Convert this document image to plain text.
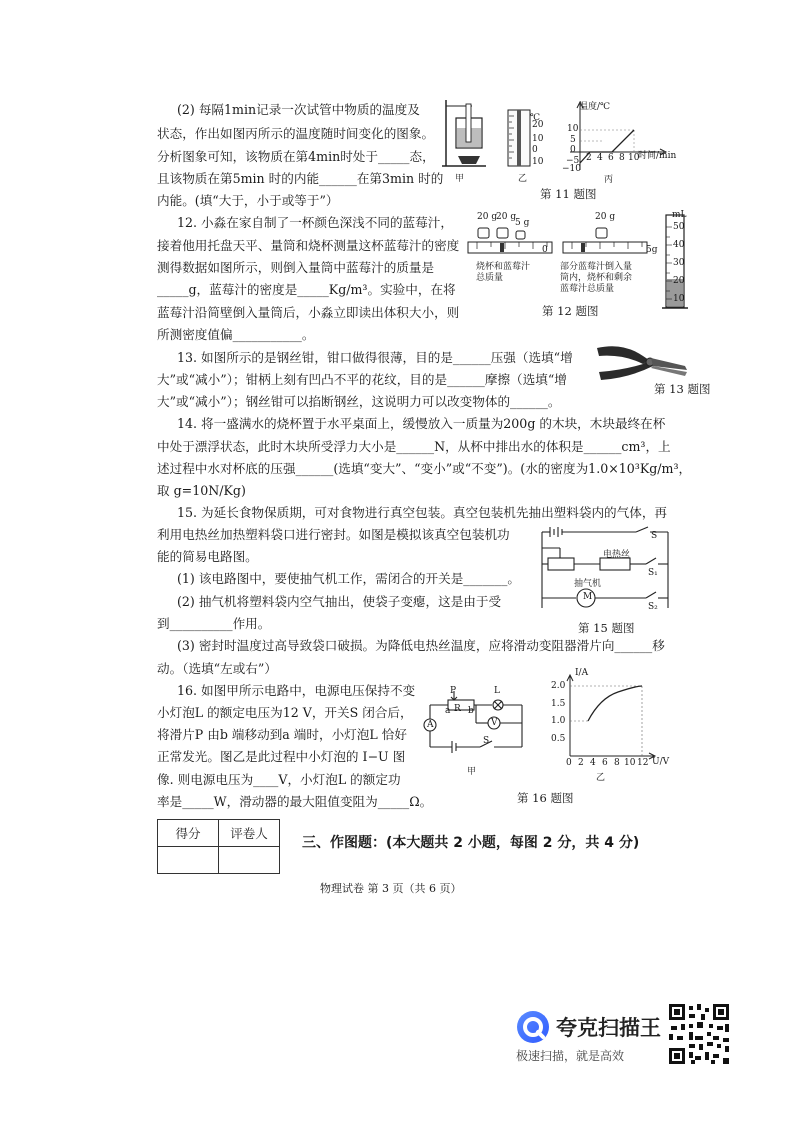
(2) 每隔1min记录一次试管中物质的温度及

状态，作出如图丙所示的温度随时间变化的图象。

分析图象可知，该物质在第4min时处于_____态，

且该物质在第5min 时的内能______在第3min 时的

内能。(填“大于，小于或等于”）

甲
℃
20
10
0
10
乙
温度/℃
时间/min
10
5
0
−5
−10
2 4 6 8 10
丙
第 11 题图

12. 小淼在家自制了一杯颜色深浅不同的蓝莓汁，

接着他用托盘天平、量筒和烧杯测量这杯蓝莓汁的密度

测得数据如图所示，则倒入量筒中蓝莓汁的质量是

_____g，蓝莓汁的密度是_____Kg/m³。实验中，在将

蓝莓汁沿简壁倒入量筒后，小淼立即读出体积大小，则

所测密度值偏___________。

20 g
20 g
5 g
烧杯和蓝莓汁
总质量
20 g
0	5g
部分蓝莓汁倒入量
筒内，烧杯和剩余
蓝莓汁总质量
mL
50
40
30
20
10
第 12 题图

13. 如图所示的是钢丝钳，钳口做得很薄，目的是______压强（选填“增

大”或“减小”）；钳柄上刻有凹凸不平的花纹，目的是______摩擦（选填“增

大”或“减小”）；钢丝钳可以掐断钢丝，这说明力可以改变物体的______。

第 13 题图

14. 将一盛满水的烧杯置于水平桌面上，缓慢放入一质量为200g 的木块，木块最终在杯

中处于漂浮状态，此时木块所受浮力大小是______N，从杯中排出水的体积是______cm³，上

述过程中水对杯底的压强______(选填“变大”、“变小”或“不变”)。(水的密度为1.0×10³Kg/m³，

取 g=10N/Kg)

15. 为延长食物保质期，可对食物进行真空包装。真空包装机先抽出塑料袋内的气体，再

利用电热丝加热塑料袋口进行密封。如图是模拟该真空包装机功

能的简易电路图。

(1) 该电路图中，要使抽气机工作，需闭合的开关是_______。

(2) 抽气机将塑料袋内空气抽出，使袋子变瘪，这是由于受

到__________作用。

(3) 密封时温度过高导致袋口破损。为降低电热丝温度，应将滑动变阻器滑片向______移

动。（选填“左或右”）

S
电热丝
S₁
抽气机
M
S₂
第 15 题图

16. 如图甲所示电路中，电源电压保持不变

小灯泡L 的额定电压为12 V，开关S 闭合后，

将滑片P 由b 端移动到a 端时，小灯泡L 恰好

正常发光。图乙是此过程中小灯泡的 I−U 图

像. 则电源电压为____V，小灯泡L 的额定功

率是_____W，滑动器的最大阻值变阻为_____Ω。

P
R
a b
L
V
A
S
甲
I/A
2.0
1.5
1.0
0.5
0 2 4 6 8 10 12 U/V
乙
第 16 题图
得分	评卷人

三、作图题：(本大题共 2 小题，每图 2 分，共 4 分)
物理试卷 第 3 页（共 6 页）
夸克扫描王
极速扫描，就是高效
